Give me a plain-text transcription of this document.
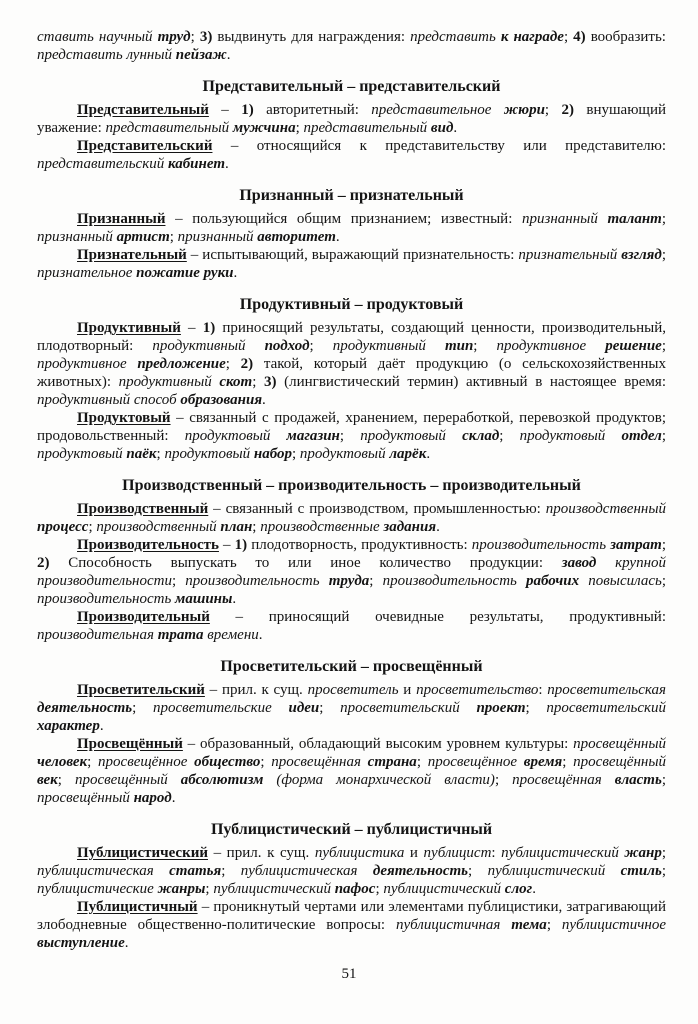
ставить научный труд; 3) выдвинуть для награждения: представить к награде; 4) вообразить: представить лунный пейзаж.

Представительный – представительский

Представительный – 1) авторитетный: представительное жюри; 2) внушающий уважение: представительный мужчина; представительный вид.

Представительский – относящийся к представительству или представителю: представительский кабинет.

Признанный – признательный

Признанный – пользующийся общим признанием; известный: признанный талант; признанный артист; признанный авторитет.

Признательный – испытывающий, выражающий признательность: признательный взгляд; признательное пожатие руки.

Продуктивный – продуктовый

Продуктивный – 1) приносящий результаты, создающий ценности, производительный, плодотворный: продуктивный подход; продуктивный тип; продуктивное решение; продуктивное предложение; 2) такой, который даёт продукцию (о сельскохозяйственных животных): продуктивный скот; 3) (лингвистический термин) активный в настоящее время: продуктивный способ образования.

Продуктовый – связанный с продажей, хранением, переработкой, перевозкой продуктов; продовольственный: продуктовый магазин; продуктовый склад; продуктовый отдел; продуктовый паёк; продуктовый набор; продуктовый ларёк.

Производственный – производительность – производительный

Производственный – связанный с производством, промышленностью: производственный процесс; производственный план; производственные задания.

Производительность – 1) плодотворность, продуктивность: производительность затрат; 2) Способность выпускать то или иное количество продукции: завод крупной производительности; производительность труда; производительность рабочих повысилась; производительность машины.

Производительный – приносящий очевидные результаты, продуктивный: производительная трата времени.

Просветительский – просвещённый

Просветительский – прил. к сущ. просветитель и просветительство: просветительская деятельность; просветительские идеи; просветительский проект; просветительский характер.

Просвещённый – образованный, обладающий высоким уровнем культуры: просвещённый человек; просвещённое общество; просвещённая страна; просвещённое время; просвещённый век; просвещённый абсолютизм (форма монархической власти); просвещённая власть; просвещённый народ.

Публицистический – публицистичный

Публицистический – прил. к сущ. публицистика и публицист: публицистический жанр; публицистическая статья; публицистическая деятельность; публицистический стиль; публицистические жанры; публицистический пафос; публицистический слог.

Публицистичный – проникнутый чертами или элементами публицистики, затрагивающий злободневные общественно-политические вопросы: публицистичная тема; публицистичное выступление.

51
